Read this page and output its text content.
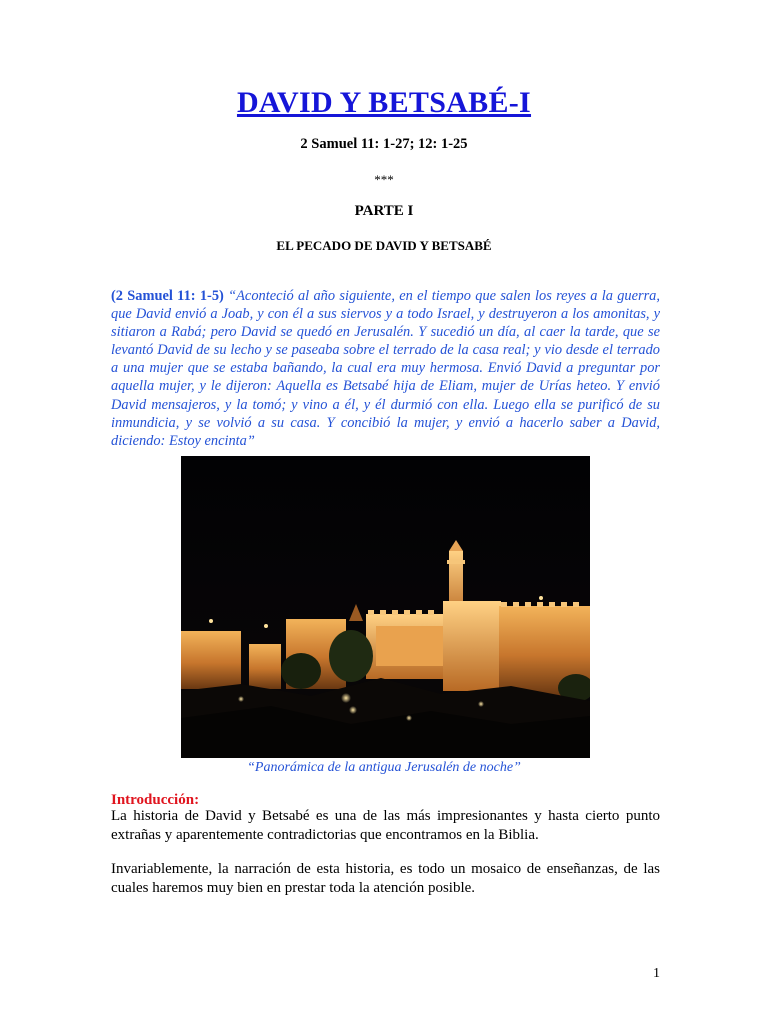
DAVID Y BETSABÉ-I
2 Samuel 11: 1-27; 12: 1-25
***
PARTE I
EL PECADO DE DAVID Y BETSABÉ
(2 Samuel 11: 1-5) “Aconteció al año siguiente, en el tiempo que salen los reyes a la guerra, que David envió a Joab, y con él a sus siervos y a todo Israel, y destruyeron a los amonitas, y sitiaron a Rabá; pero David se quedó en Jerusalén. Y sucedió un día, al caer la tarde, que se levantó David de su lecho y se paseaba sobre el terrado de la casa real; y vio desde el terrado a una mujer que se estaba bañando, la cual era muy hermosa. Envió David a preguntar por aquella mujer, y le dijeron: Aquella es Betsabé hija de Eliam, mujer de Urías heteo. Y envió David mensajeros, y la tomó; y vino a él, y él durmió con ella. Luego ella se purificó de su inmundicia, y se volvió a su casa. Y concibió la mujer, y envió a hacerlo saber a David, diciendo: Estoy encinta”
“Panorámica de la antigua Jerusalén de noche”
Introducción:
La historia de David y Betsabé es una de las más impresionantes y hasta cierto punto extrañas y aparentemente contradictorias que encontramos en la Biblia.
Invariablemente, la narración de esta historia, es todo un mosaico de enseñanzas, de las cuales haremos muy bien en prestar toda la atención posible.
1
